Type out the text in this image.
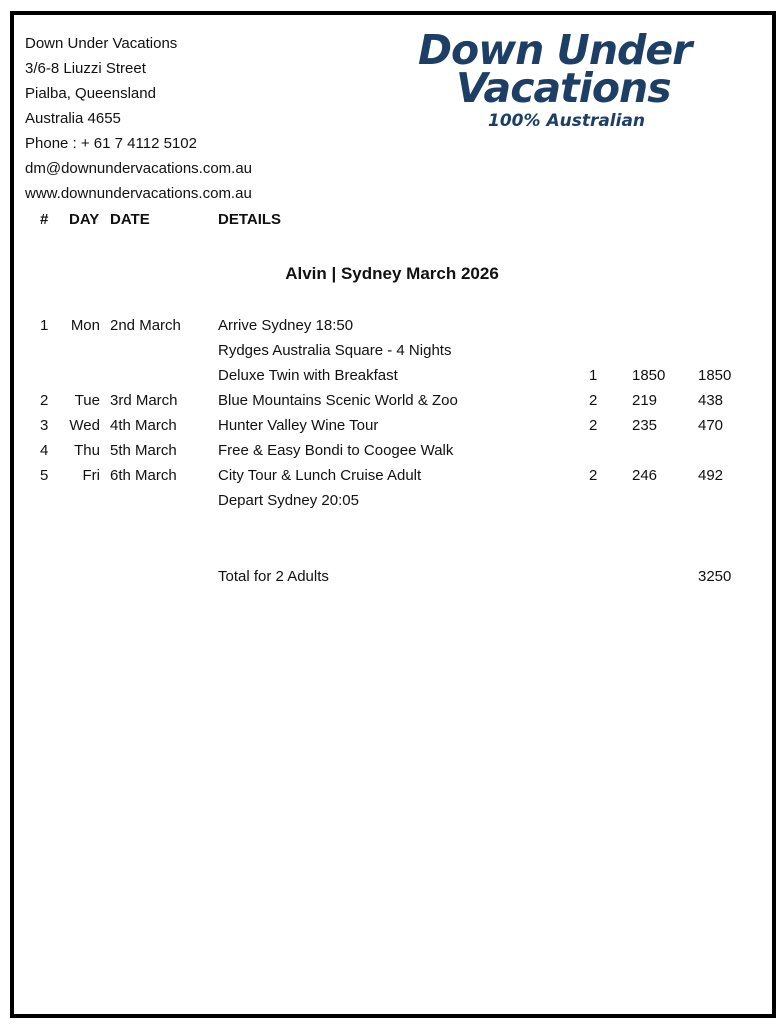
Down Under Vacations
3/6-8 Liuzzi Street
Pialba, Queensland
Australia 4655
Phone : + 61 7 4112 5102
dm@downundervacations.com.au
www.downundervacations.com.au
Down Under
Vacations
100% Australian
# DAY DATE	DETAILS
Alvin | Sydney March 2026
1 Mon 2nd March Arrive Sydney 18:50
Rydges Australia Square - 4 Nights
Deluxe Twin with Breakfast	1 1850 1850
2 Tue 3rd March	Blue Mountains Scenic World & Zoo	2 219	438
3 Wed 4th March	Hunter Valley Wine Tour	2 235	470
4 Thu 5th March	Free & Easy Bondi to Coogee Walk
5 Fri 6th March	City Tour & Lunch Cruise Adult	2 246	492
Depart Sydney 20:05
Total for 2 Adults	3250
